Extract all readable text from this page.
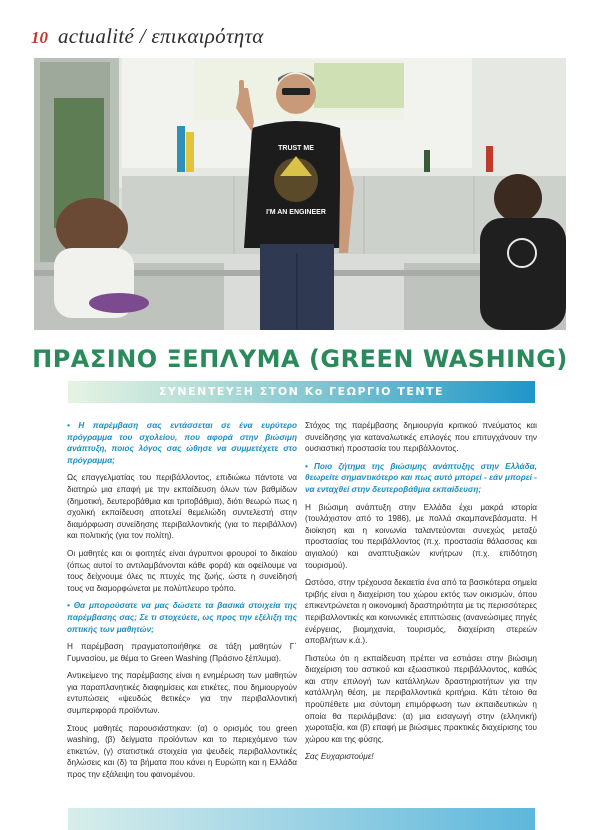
10 actualité / επικαιρότητα
TRUST ME
I'M AN ENGINEER
ΠΡΑΣΙΝΟ ΞΕΠΛΥΜΑ (GREEN WASHING)
ΣΥΝΕΝΤΕΥΞΗ ΣΤΟΝ Κο ΓΕΩΡΓΙΟ ΤΕΝΤΕ

• Η παρέμβαση σας εντάσσεται σε ένα ευρύτερο πρόγραμμα του σχολείου, που αφορά στην βιώσιμη ανάπτυξη, ποιος λόγος σας ώθησε να συμμετέχετε στο πρόγραμμα;

Ως επαγγελματίας του περιβάλλοντος, επιδιώκω πάντοτε να διατηρώ μια επαφή με την εκπαίδευση όλων των βαθμίδων (δημοτική, δευτεροβάθμια και τριτοβάθμια), διότι θεωρώ πως η σχολική εκπαίδευση αποτελεί θεμελιώδη συντελεστή στην διαμόρφωση συνείδησης περιβαλλοντικής (για το περιβάλλον) και πολιτικής (για τον πολίτη).

Οι μαθητές και οι φοιτητές είναι άγρυπνοι φρουροί το δικαίου (όπως αυτοί το αντιλαμβάνονται κάθε φορά) και οφείλουμε να τους δείχνουμε όλες τις πτυχές της ζωής, ώστε η συνείδησή τους να διαμορφώνεται με πολύπλευρο τρόπο.

• Θα μπορούσατε να μας δώσετε τα βασικά στοιχεία της παρέμβασης σας; Σε τι στοχεύετε, ως προς την εξέλιξη της οπτικής των μαθητών;

Η παρέμβαση πραγματοποιήθηκε σε τάξη μαθητών Γ΄ Γυμνασίου, με θέμα το Green Washing (Πράσινο ξέπλυμα).

Αντικείμενο της παρέμβασης είναι η ενημέρωση των μαθητών για παραπλανητικές διαφημίσεις και ετικέτες, που δημιουργούν εντυπώσεις «ψευδώς θετικές» για την περιβαλλοντική συμπεριφορά προϊόντων.

Στους μαθητές παρουσιάστηκαν: (α) ο ορισμός του green washing, (β) δείγματα προϊόντων και το περιεχόμενο των ετικετών, (γ) στατιστικά στοιχεία για ψευδείς περιβαλλοντικές δηλώσεις και (δ) τα βήματα που κάνει η Ευρώπη και η Ελλάδα προς την εξάλειψη του φαινομένου.

Στόχος της παρέμβασης δημιουργία κριτικού πνεύματος και συνείδησης για καταναλωτικές επιλογές που επιτυγχάνουν την ουσιαστική προστασία του περιβάλλοντος.

• Ποιο ζήτημα της βιώσιμης ανάπτυξης στην Ελλάδα, θεωρείτε σημαντικότερο και πως αυτό μπορεί - εάν μπορεί - να ενταχθεί στην δευτεροβάθμια εκπαίδευση;

Η βιώσιμη ανάπτυξη στην Ελλάδα έχει μακρά ιστορία (τουλάχιστον από το 1986), με πολλά σκαμπανεβάσματα. Η διοίκηση και η κοινωνία ταλαντεύονται συνεχώς μεταξύ προστασίας του περιβάλλοντος (π.χ. προστασία θάλασσας και αιγιαλού) και αναπτυξιακών κινήτρων (π.χ. επιδότηση τουρισμού).

Ωστόσο, στην τρέχουσα δεκαετία ένα από τα βασικότερα σημεία τριβής είναι η διαχείριση του χώρου εκτός των οικισμών, όπου επικεντρώνεται η οικονομική δραστηριότητα με τις περισσότερες περιβαλλοντικές και κοινωνικές επιπτώσεις (ανανεώσιμες πηγές ενέργειας, βιομηχανία, τουρισμός, διαχείριση στερεών αποβλήτων κ.ά.).

Πιστεύω ότι η εκπαίδευση πρέπει να εστιάσει στην βιώσιμη διαχείριση του αστικού και εξωαστικού περιβάλλοντος, καθώς και στην επιλογή των κατάλληλων δραστηριοτήτων για την κατάλληλη θέση, με περιβαλλοντικά κριτήρια. Κάτι τέτοιο θα προϋπέθετε μια σύντομη επιμόρφωση των εκπαιδευτικών η οποία θα περιλάμβανε: (α) μια εισαγωγή στην (ελληνική) χωροταξία, και (β) επαφή με βιώσιμες πρακτικές διαχείρισης του χώρου και της φύσης.

Σας Ευχαριστούμε!
